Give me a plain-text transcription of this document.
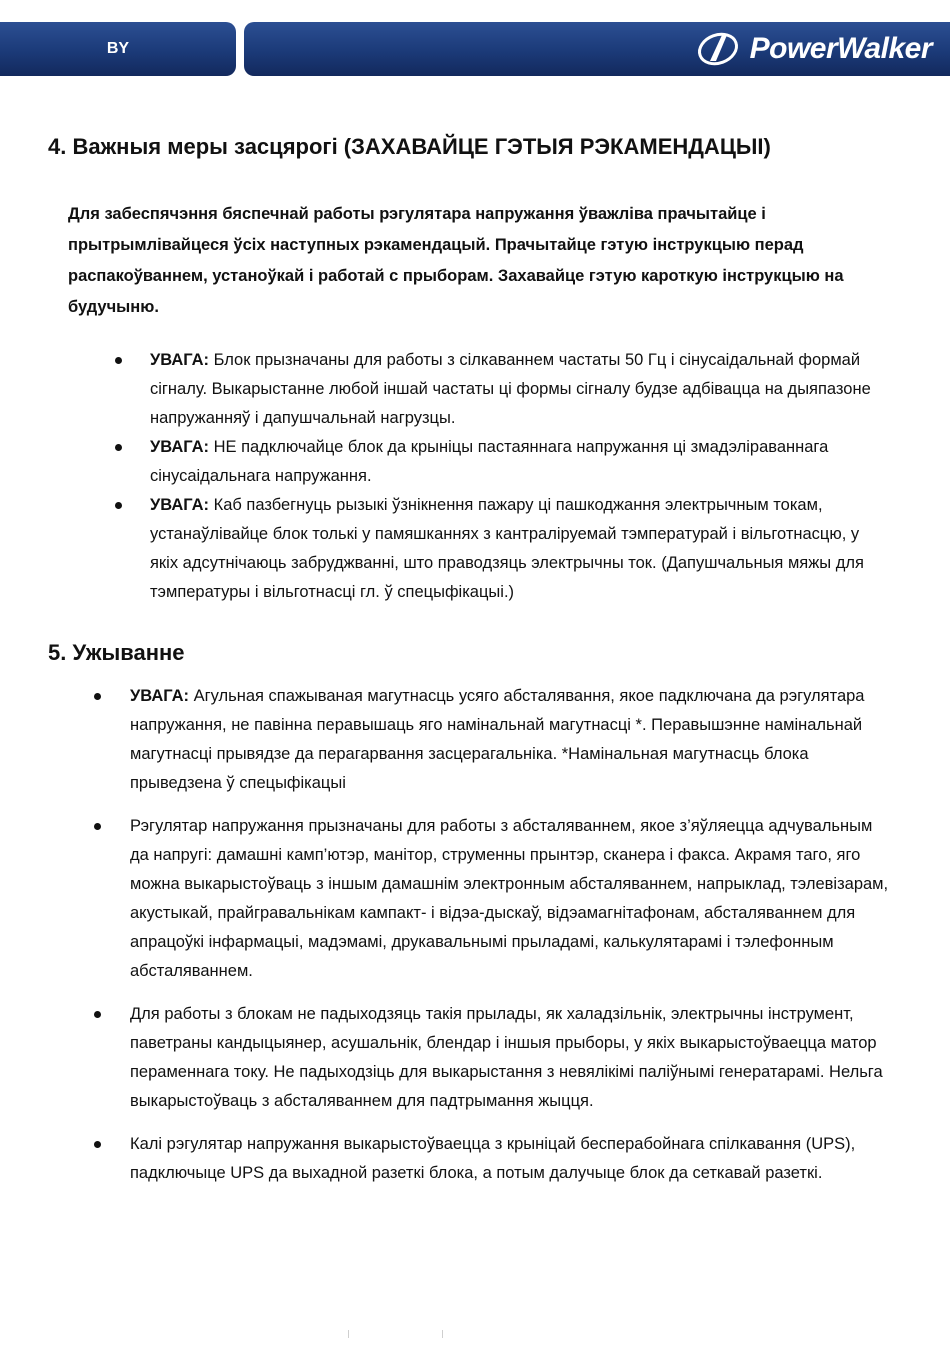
BY	PowerWalker
4. Важныя меры засцярогі (ЗАХАВАЙЦЕ ГЭТЫЯ РЭКАМЕНДАЦЫІ)

Для забеспячэння бяспечнай работы рэгулятара напружання ўважліва прачытайце і прытрымлівайцеся ўсіх наступных рэкамендацый. Прачытайце гэтую інструкцыю перад распакоўваннем, устаноўкай і работай с прыборам. Захавайце гэтую кароткую інструкцыю на будучыню.

УВАГА: Блок прызначаны для работы з сілкаваннем частаты 50 Гц і сінусаідальнай формай сігналу. Выкарыстанне любой іншай частаты ці формы сігналу будзе адбівацца на дыяпазоне напружанняў і дапушчальнай нагрузцы.
УВАГА: НЕ падключайце блок да крыніцы пастаяннага напружання ці змадэліраваннага сінусаідальнага напружання.
УВАГА: Каб пазбегнуць рызыкі ўзнікнення пажару ці пашкоджання электрычным токам, устанаўлівайце блок толькі у памяшканнях з кантраліруемай тэмпературай і вільготнасцю, у якіх адсутнічаюць забруджванні, што праводзяць электрычны ток. (Дапушчальныя мяжы для тэмпературы і вільготнасці гл. ў спецыфікацыі.)
5. Ужыванне
УВАГА: Агульная спажываная магутнасць усяго абсталявання, якое падключана да рэгулятара напружання, не павінна перавышаць яго намінальнай магутнасці *. Перавышэнне намінальнай магутнасці прывядзе да перагарвання засцерагальніка. *Намінальная магутнасць блока прыведзена ў спецыфікацыі
Рэгулятар напружання прызначаны для работы з абсталяваннем, якое з’яўляецца адчувальным да напругі: дамашні камп’ютэр, манітор, струменны прынтэр, сканера і факса. Акрамя таго, яго можна выкарыстоўваць з іншым дамашнім электронным абсталяваннем, напрыклад, тэлевізарам, акустыкай, прайгравальнікам кампакт- і відэа-дыскаў, відэамагнітафонам, абсталяваннем для апрацоўкі інфармацыі, мадэмамі, друкавальнымі прыладамі, калькулятарамі і тэлефонным абсталяваннем.
Для работы з блокам не падыходзяць такія прылады, як халадзільнік, электрычны інструмент, паветраны кандыцыянер, асушальнік, блендар і іншыя прыборы, у якіх выкарыстоўваецца матор пераменнага току. Не падыходзіць для выкарыстання з невялікімі паліўнымі генератарамі. Нельга выкарыстоўваць з абсталяваннем для падтрымання жыцця.
Калі рэгулятар напружання выкарыстоўваецца з крыніцай бесперабойнага спілкавання (UPS), падключыце UPS да выхадной разеткі блока, а потым далучыце блок да сеткавай разеткі.
